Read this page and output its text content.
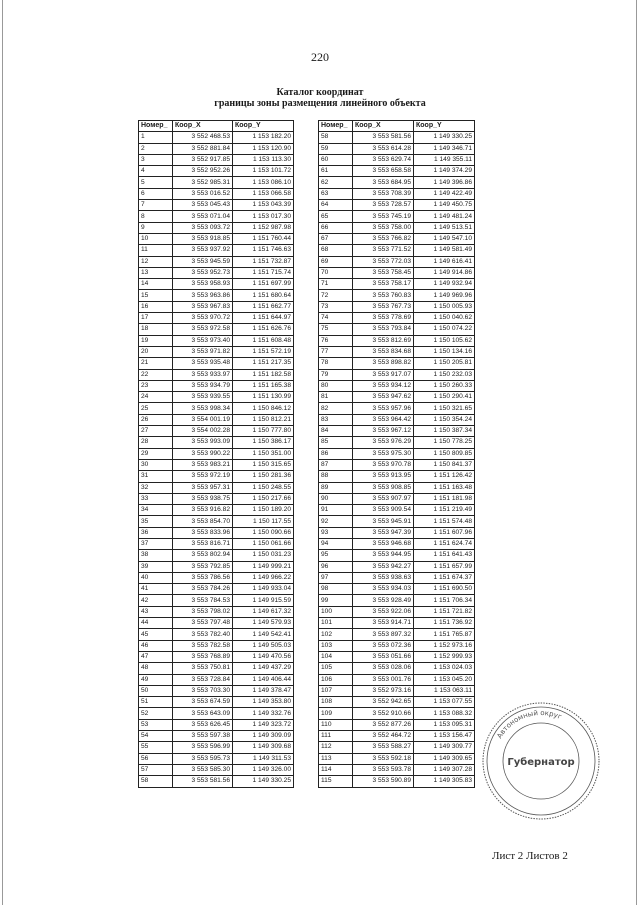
220
Каталог координат
границы зоны размещения линейного объекта
Номер_	Коор_X	Коор_Y
1	3 552 468.53	1 153 182.20
2	3 552 881.84	1 153 120.90
3	3 552 917.85	1 153 113.30
4	3 552 952.26	1 153 101.72
5	3 552 985.31	1 153 086.10
6	3 553 016.52	1 153 066.58
7	3 553 045.43	1 153 043.39
8	3 553 071.04	1 153 017.30
9	3 553 093.72	1 152 987.98
10	3 553 918.85	1 151 760.44
11	3 553 937.92	1 151 746.63
12	3 553 945.59	1 151 732.87
13	3 553 952.73	1 151 715.74
14	3 553 958.93	1 151 697.99
15	3 553 963.86	1 151 680.64
16	3 553 967.83	1 151 662.77
17	3 553 970.72	1 151 644.97
18	3 553 972.58	1 151 626.76
19	3 553 973.40	1 151 608.48
20	3 553 971.82	1 151 572.19
21	3 553 935.48	1 151 217.35
22	3 553 933.97	1 151 182.58
23	3 553 934.79	1 151 165.38
24	3 553 939.55	1 151 130.99
25	3 553 998.34	1 150 846.12
26	3 554 001.19	1 150 812.21
27	3 554 002.28	1 150 777.80
28	3 553 993.09	1 150 386.17
29	3 553 990.22	1 150 351.00
30	3 553 983.21	1 150 315.65
31	3 553 972.19	1 150 281.36
32	3 553 957.31	1 150 248.55
33	3 553 938.75	1 150 217.66
34	3 553 916.82	1 150 189.20
35	3 553 854.70	1 150 117.55
36	3 553 833.96	1 150 090.66
37	3 553 816.71	1 150 061.66
38	3 553 802.94	1 150 031.23
39	3 553 792.85	1 149 999.21
40	3 553 786.56	1 149 966.22
41	3 553 784.26	1 149 933.04
42	3 553 784.53	1 149 915.59
43	3 553 798.02	1 149 617.32
44	3 553 797.48	1 149 579.93
45	3 553 782.40	1 149 542.41
46	3 553 782.58	1 149 505.03
47	3 553 768.89	1 149 470.56
48	3 553 750.81	1 149 437.29
49	3 553 728.84	1 149 406.44
50	3 553 703.30	1 149 378.47
51	3 553 674.59	1 149 353.80
52	3 553 643.09	1 149 332.76
53	3 553 626.45	1 149 323.72
54	3 553 597.38	1 149 309.09
55	3 553 596.99	1 149 309.68
56	3 553 595.73	1 149 311.53
57	3 553 585.30	1 149 326.00
58	3 553 581.56	1 149 330.25
Номер_	Коор_X	Коор_Y
58	3 553 581.56	1 149 330.25
59	3 553 614.28	1 149 346.71
60	3 553 629.74	1 149 355.11
61	3 553 658.58	1 149 374.29
62	3 553 684.95	1 149 396.86
63	3 553 708.39	1 149 422.49
64	3 553 728.57	1 149 450.75
65	3 553 745.19	1 149 481.24
66	3 553 758.00	1 149 513.51
67	3 553 766.82	1 149 547.10
68	3 553 771.52	1 149 581.49
69	3 553 772.03	1 149 616.41
70	3 553 758.45	1 149 914.86
71	3 553 758.17	1 149 932.94
72	3 553 760.83	1 149 969.96
73	3 553 767.73	1 150 005.93
74	3 553 778.69	1 150 040.62
75	3 553 793.84	1 150 074.22
76	3 553 812.69	1 150 105.62
77	3 553 834.68	1 150 134.16
78	3 553 898.82	1 150 205.81
79	3 553 917.07	1 150 232.03
80	3 553 934.12	1 150 260.33
81	3 553 947.62	1 150 290.41
82	3 553 957.96	1 150 321.65
83	3 553 964.42	1 150 354.24
84	3 553 967.12	1 150 387.34
85	3 553 976.29	1 150 778.25
86	3 553 975.30	1 150 809.85
87	3 553 970.78	1 150 841.37
88	3 553 913.95	1 151 126.42
89	3 553 908.85	1 151 163.48
90	3 553 907.97	1 151 181.98
91	3 553 909.54	1 151 219.49
92	3 553 945.91	1 151 574.48
93	3 553 947.39	1 151 607.96
94	3 553 946.68	1 151 624.74
95	3 553 944.95	1 151 641.43
96	3 553 942.27	1 151 657.99
97	3 553 938.63	1 151 674.37
98	3 553 934.03	1 151 690.50
99	3 553 928.49	1 151 706.34
100	3 553 922.06	1 151 721.82
101	3 553 914.71	1 151 736.92
102	3 553 897.32	1 151 765.87
103	3 553 072.36	1 152 973.16
104	3 553 051.66	1 152 999.93
105	3 553 028.06	1 153 024.03
106	3 553 001.76	1 153 045.20
107	3 552 973.16	1 153 063.11
108	3 552 942.65	1 153 077.55
109	3 552 910.66	1 153 088.32
110	3 552 877.26	1 153 095.31
111	3 552 464.72	1 153 156.47
112	3 553 588.27	1 149 309.77
113	3 553 592.18	1 149 309.65
114	3 553 593.78	1 149 307.28
115	3 553 590.89	1 149 305.83
Автономный округ
Губернатор
Лист 2 Листов 2
